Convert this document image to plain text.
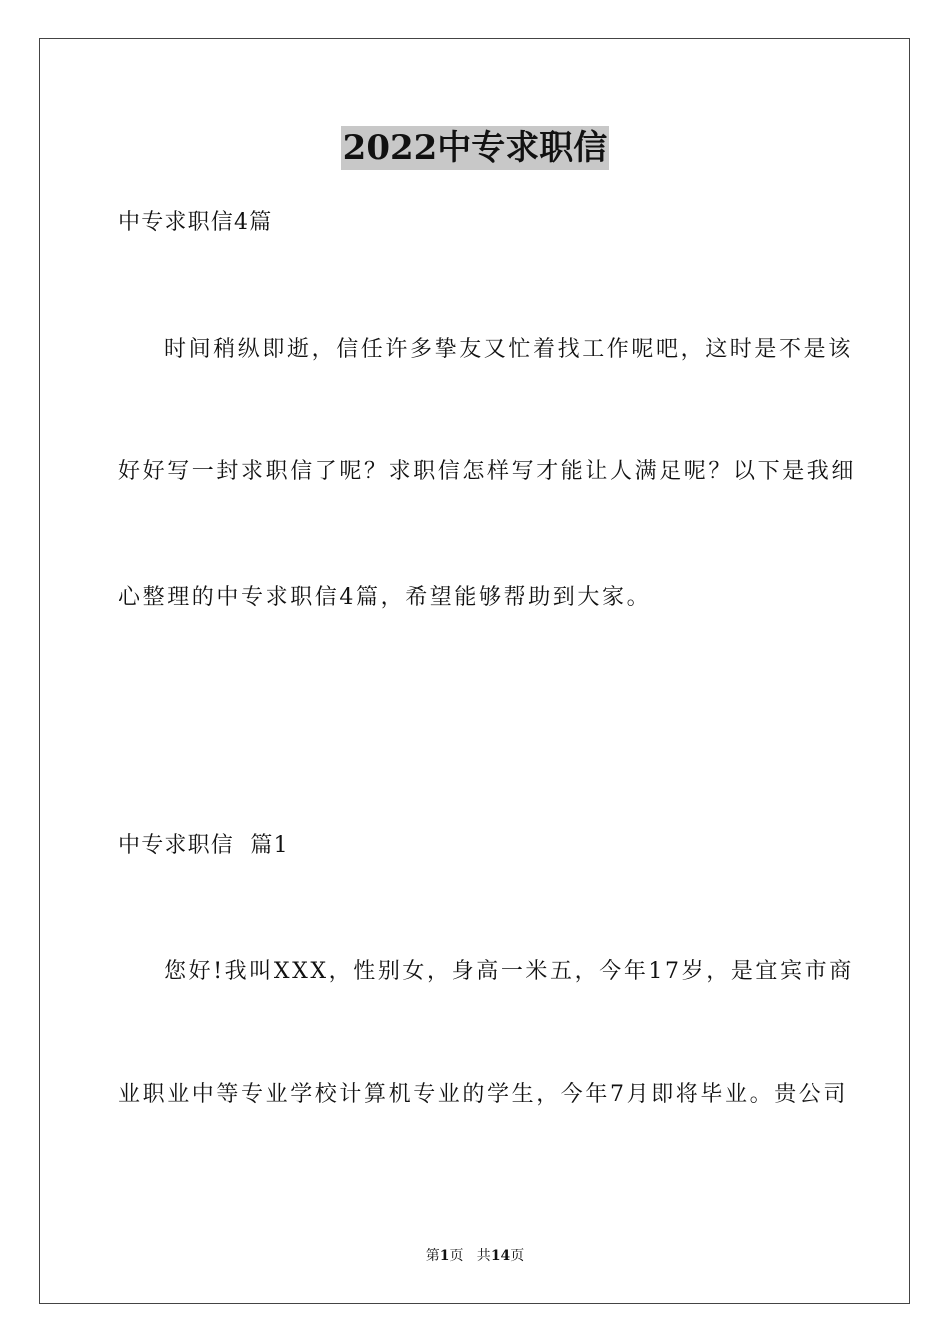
2022中专求职信
中专求职信4篇
时间稍纵即逝，信任许多挚友又忙着找工作呢吧，这时是不是该
好好写一封求职信了呢？求职信怎样写才能让人满足呢？以下是我细
心整理的中专求职信4篇，希望能够帮助到大家。
中专求职信  篇1
您好!我叫XXX，性别女，身高一米五，今年17岁，是宜宾市商
业职业中等专业学校计算机专业的学生，今年7月即将毕业。贵公司
第1页   共14页
